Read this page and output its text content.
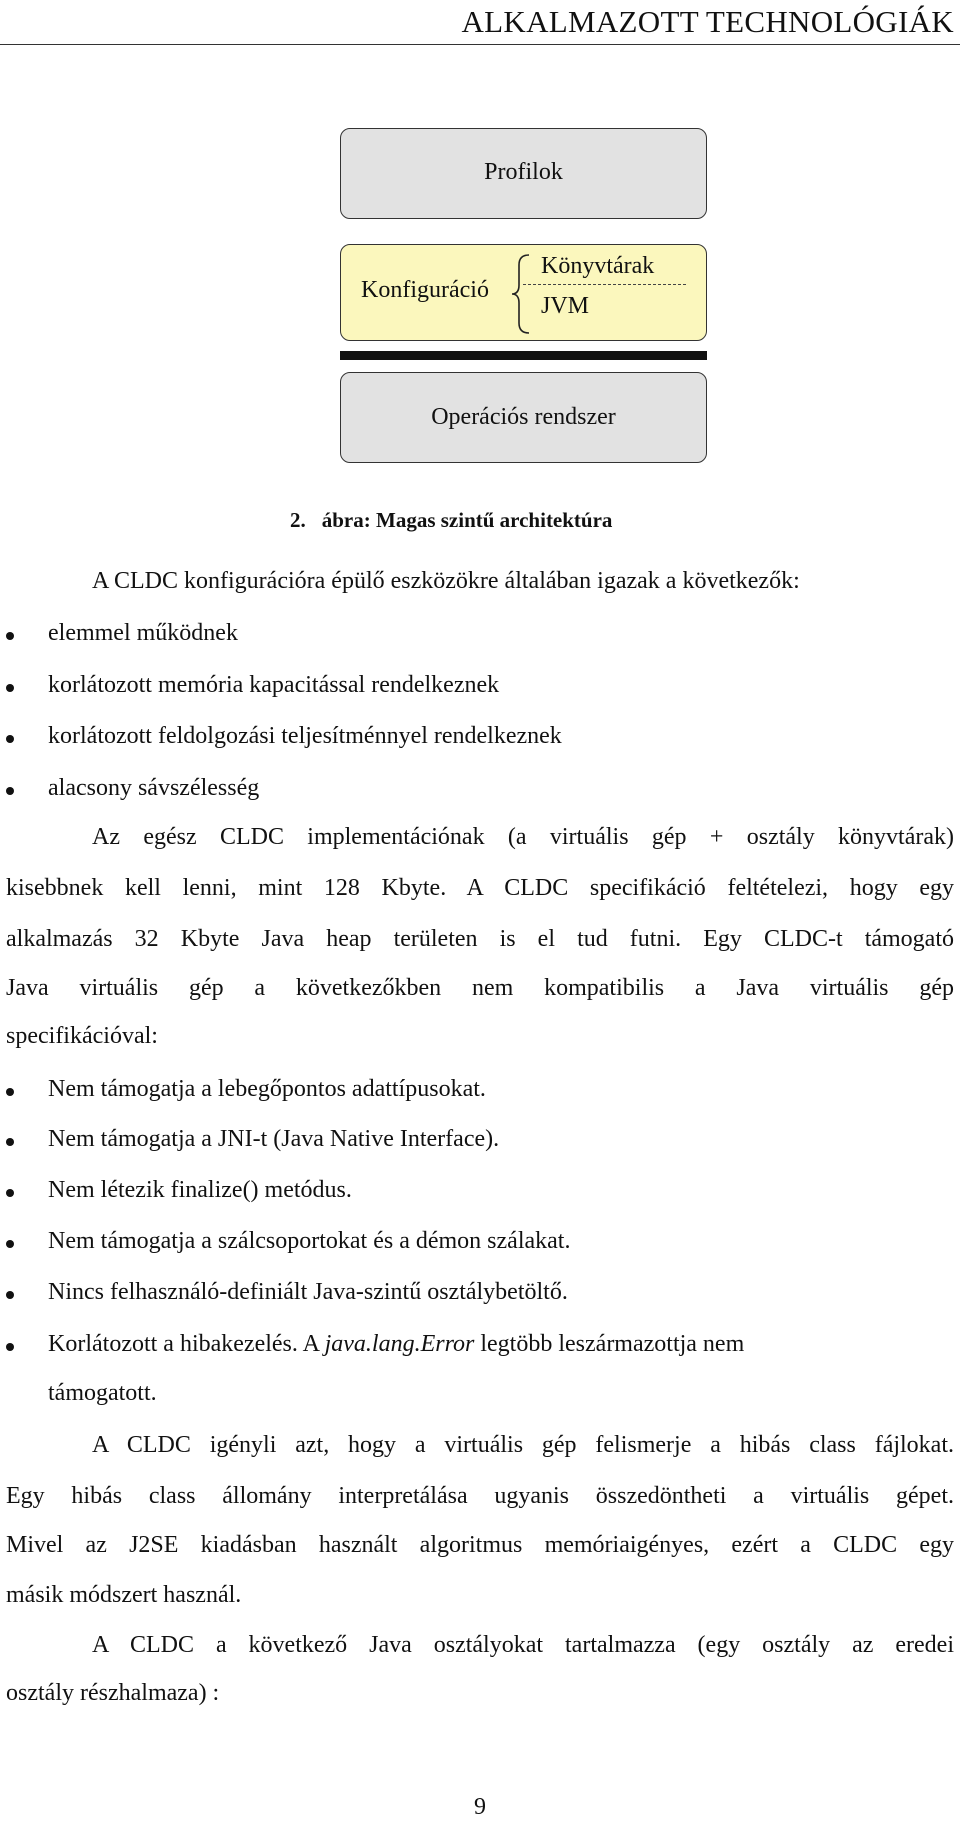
ALKALMAZOTT TECHNOLÓGIÁK
Profilok
Konfiguráció
Könyvtárak
JVM
Operációs rendszer
2. ábra: Magas szintű architektúra
A CLDC konfigurációra épülő eszközökre általában igazak a következők:
elemmel működnek
korlátozott memória kapacitással rendelkeznek
korlátozott feldolgozási teljesítménnyel rendelkeznek
alacsony sávszélesség
Az egész CLDC implementációnak (a virtuális gép + osztály könyvtárak)
kisebbnek kell lenni, mint 128 Kbyte. A CLDC specifikáció feltételezi, hogy egy
alkalmazás 32 Kbyte Java heap területen is el tud futni. Egy CLDC-t támogató
Java virtuális gép a következőkben nem kompatibilis a Java virtuális gép
specifikációval:
Nem támogatja a lebegőpontos adattípusokat.
Nem támogatja a JNI-t (Java Native Interface).
Nem létezik finalize() metódus.
Nem támogatja a szálcsoportokat és a démon szálakat.
Nincs felhasználó-definiált Java-szintű osztálybetöltő.
Korlátozott a hibakezelés. A java.lang.Error legtöbb leszármazottja nem
támogatott.
A CLDC igényli azt, hogy a virtuális gép felismerje a hibás class fájlokat.
Egy hibás class állomány interpretálása ugyanis összedöntheti a virtuális gépet.
Mivel az J2SE kiadásban használt algoritmus memóriaigényes, ezért a CLDC egy
másik módszert használ.
A CLDC a következő Java osztályokat tartalmazza (egy osztály az eredei
osztály részhalmaza) :
9
